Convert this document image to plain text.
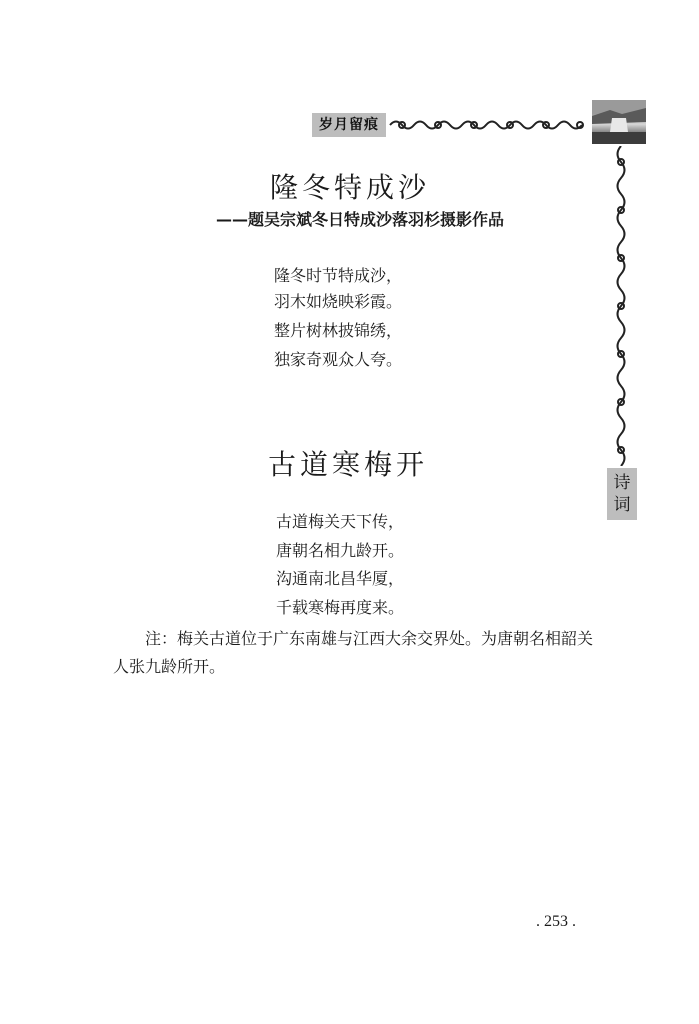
岁月留痕
诗
词
隆冬特成沙
——题吴宗斌冬日特成沙落羽杉摄影作品
隆冬时节特成沙，
羽木如烧映彩霞。
整片树林披锦绣，
独家奇观众人夸。
古道寒梅开
古道梅关天下传，
唐朝名相九龄开。
沟通南北昌华厦，
千载寒梅再度来。
注：梅关古道位于广东南雄与江西大余交界处。为唐朝名相韶关人张九龄所开。
. 253 .
